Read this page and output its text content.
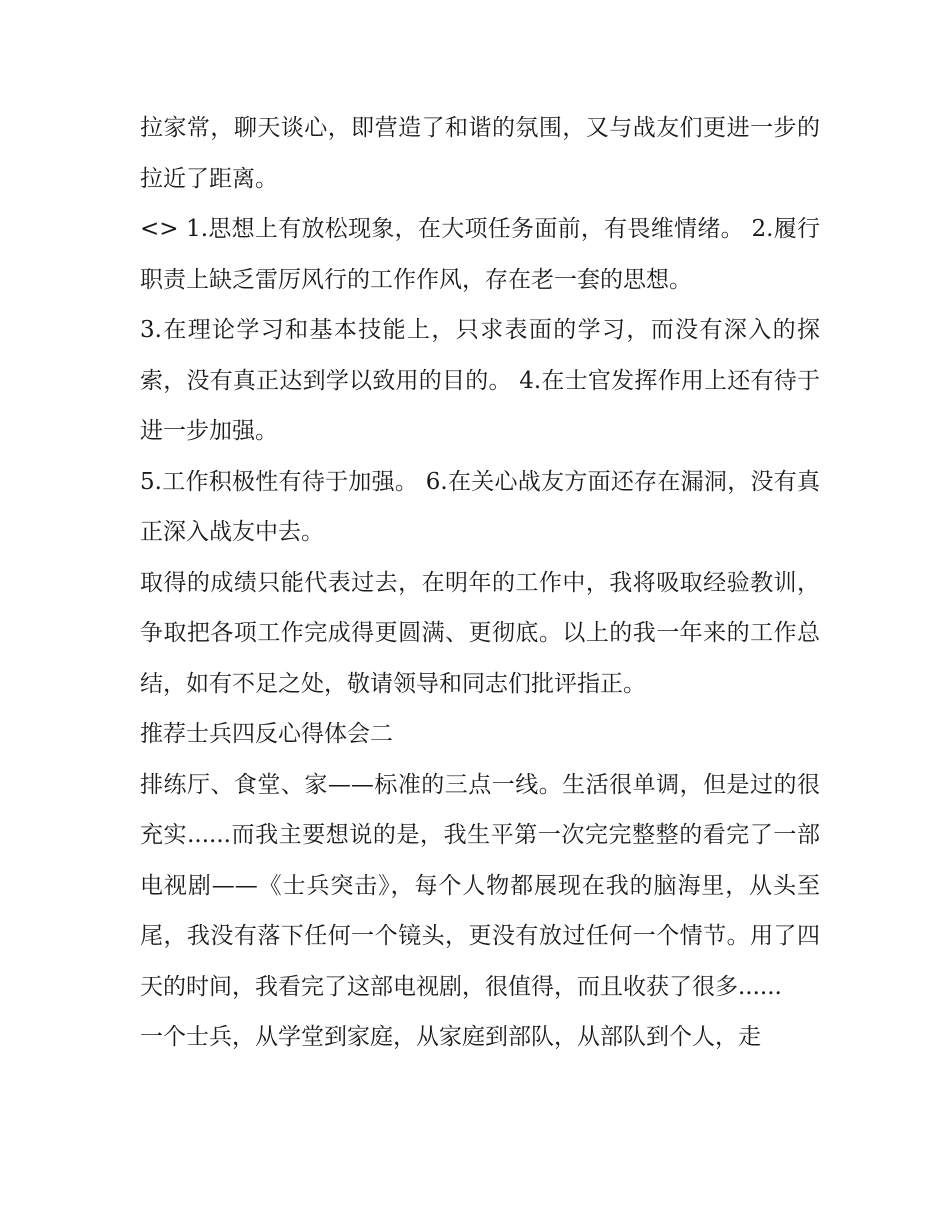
拉家常，聊天谈心，即营造了和谐的氛围，又与战友们更进一步的拉近了距离。

<> 1.思想上有放松现象，在大项任务面前，有畏维情绪。 2.履行职责上缺乏雷厉风行的工作作风，存在老一套的思想。

3.在理论学习和基本技能上，只求表面的学习，而没有深入的探索，没有真正达到学以致用的目的。 4.在士官发挥作用上还有待于进一步加强。

5.工作积极性有待于加强。 6.在关心战友方面还存在漏洞，没有真正深入战友中去。

取得的成绩只能代表过去，在明年的工作中，我将吸取经验教训，争取把各项工作完成得更圆满、更彻底。以上的我一年来的工作总结，如有不足之处，敬请领导和同志们批评指正。

推荐士兵四反心得体会二

排练厅、食堂、家——标准的三点一线。生活很单调，但是过的很充实......而我主要想说的是，我生平第一次完完整整的看完了一部电视剧——《士兵突击》，每个人物都展现在我的脑海里，从头至尾，我没有落下任何一个镜头，更没有放过任何一个情节。用了四天的时间，我看完了这部电视剧，很值得，而且收获了很多......

一个士兵，从学堂到家庭，从家庭到部队，从部队到个人，走
